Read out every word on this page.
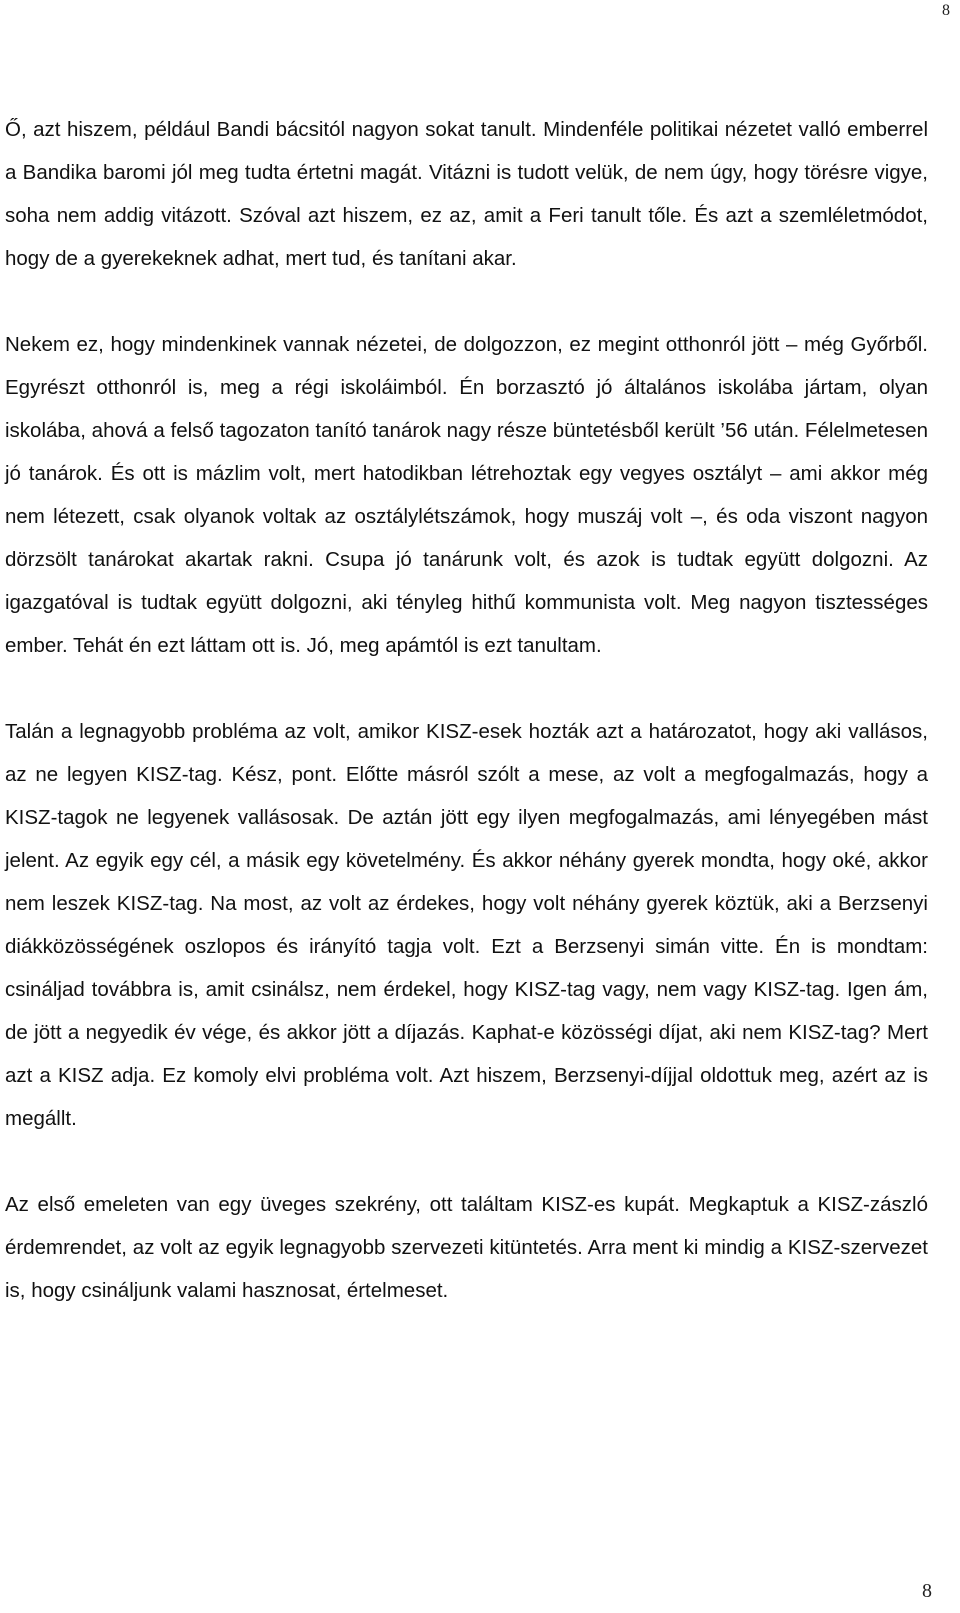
8

Ő, azt hiszem, például Bandi bácsitól nagyon sokat tanult. Mindenféle politikai nézetet valló emberrel a Bandika baromi jól meg tudta értetni magát. Vitázni is tudott velük, de nem úgy, hogy törésre vigye, soha nem addig vitázott. Szóval azt hiszem, ez az, amit a Feri tanult tőle. És azt a szemléletmódot, hogy de a gyerekeknek adhat, mert tud, és tanítani akar.

Nekem ez, hogy mindenkinek vannak nézetei, de dolgozzon, ez megint otthonról jött – még Győrből. Egyrészt otthonról is, meg a régi iskoláimból. Én borzasztó jó általános iskolába jártam, olyan iskolába, ahová a felső tagozaton tanító tanárok nagy része büntetésből került ’56 után. Félelmetesen jó tanárok. És ott is mázlim volt, mert hatodikban létrehoztak egy vegyes osztályt – ami akkor még nem létezett, csak olyanok voltak az osztálylétszámok, hogy muszáj volt –, és oda viszont nagyon dörzsölt tanárokat akartak rakni. Csupa jó tanárunk volt, és azok is tudtak együtt dolgozni. Az igazgatóval is tudtak együtt dolgozni, aki tényleg hithű kommunista volt. Meg nagyon tisztességes ember. Tehát én ezt láttam ott is. Jó, meg apámtól is ezt tanultam.

Talán a legnagyobb probléma az volt, amikor KISZ-esek hozták azt a határozatot, hogy aki vallásos, az ne legyen KISZ-tag. Kész, pont. Előtte másról szólt a mese, az volt a megfogalmazás, hogy a KISZ-tagok ne legyenek vallásosak. De aztán jött egy ilyen megfogalmazás, ami lényegében mást jelent. Az egyik egy cél, a másik egy követelmény. És akkor néhány gyerek mondta, hogy oké, akkor nem leszek KISZ-tag. Na most, az volt az érdekes, hogy volt néhány gyerek köztük, aki a Berzsenyi diákközösségének oszlopos és irányító tagja volt. Ezt a Berzsenyi simán vitte. Én is mondtam: csináljad továbbra is, amit csinálsz, nem érdekel, hogy KISZ-tag vagy, nem vagy KISZ-tag. Igen ám, de jött a negyedik év vége, és akkor jött a díjazás. Kaphat-e közösségi díjat, aki nem KISZ-tag? Mert azt a KISZ adja. Ez komoly elvi probléma volt. Azt hiszem, Berzsenyi-díjjal oldottuk meg, azért az is megállt.

Az első emeleten van egy üveges szekrény, ott találtam KISZ-es kupát. Megkaptuk a KISZ-zászló érdemrendet, az volt az egyik legnagyobb szervezeti kitüntetés. Arra ment ki mindig a KISZ-szervezet is, hogy csináljunk valami hasznosat, értelmeset.

8
